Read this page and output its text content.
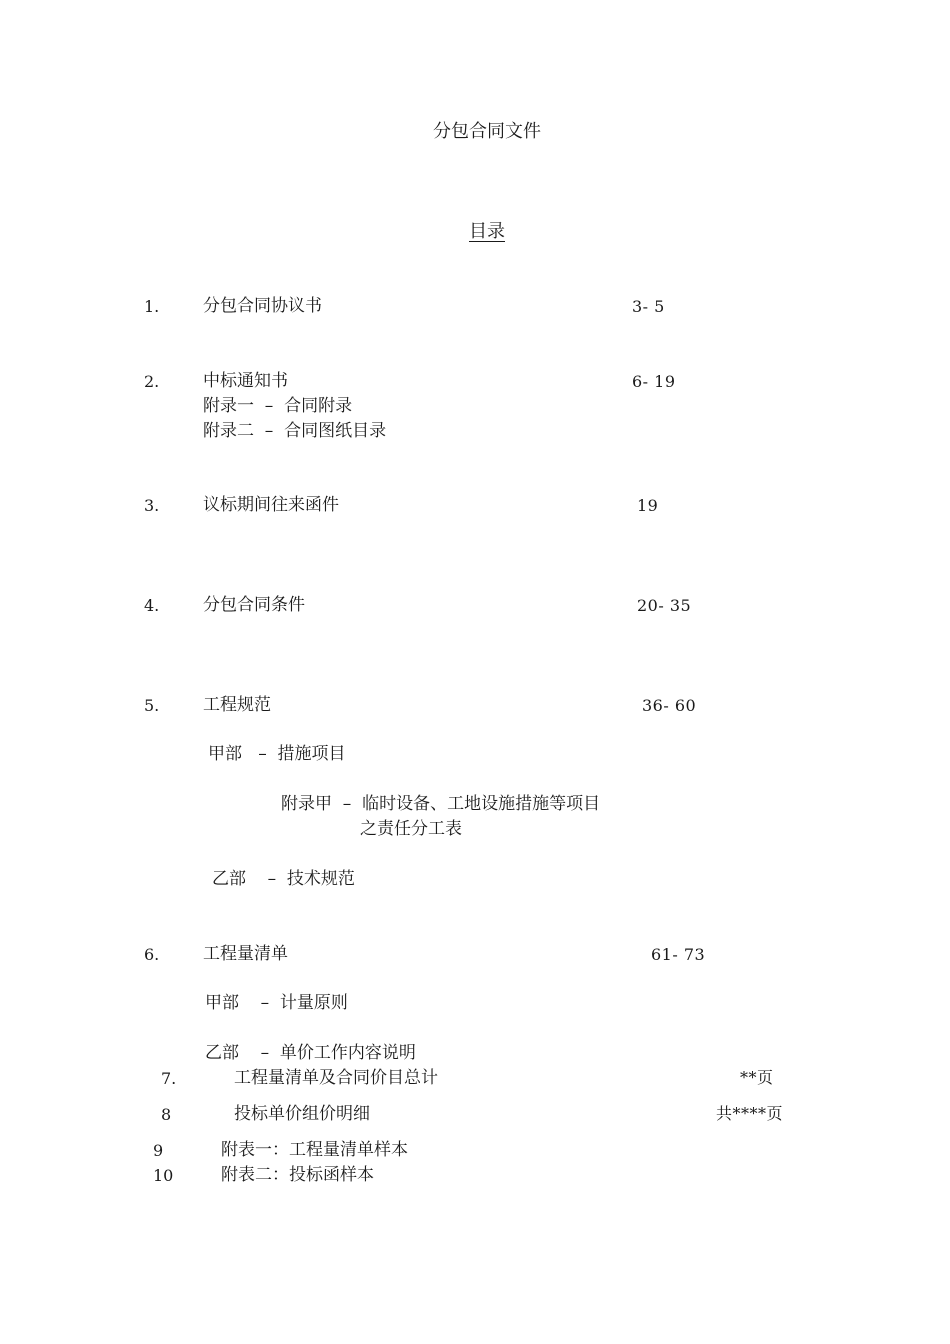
分包合同文件
目录
1.	分包合同协议书	3- 5
2.	中标通知书	6- 19
附录一  –  合同附录
附录二  –  合同图纸目录
3.	议标期间往来函件	19
4.	分包合同条件	20- 35
5.	工程规范	36- 60
甲部   –  措施项目
附录甲  –  临时设备、工地设施措施等项目
之责任分工表
乙部    –  技术规范
6.	工程量清单	61- 73
甲部    –  计量原则
乙部    –  单价工作内容说明
7.	工程量清单及合同价目总计	**页
8	投标单价组价明细	共****页
9	附表一：工程量清单样本
10	附表二：投标函样本
